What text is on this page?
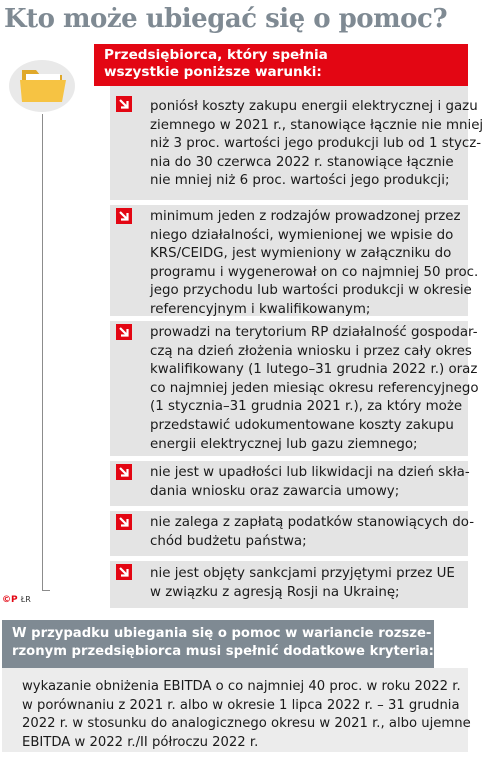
Kto może ubiegać się o pomoc?
Przedsiębiorca, który spełnia
wszystkie poniższe warunki:
poniósł koszty zakupu energii elektrycznej i gazu
ziemnego w 2021 r., stanowiące łącznie nie mniej
niż 3 proc. wartości jego produkcji lub od 1 stycz-
nia do 30 czerwca 2022 r. stanowiące łącznie
nie mniej niż 6 proc. wartości jego produkcji;
minimum jeden z rodzajów prowadzonej przez
niego działalności, wymienionej we wpisie do
KRS/CEIDG, jest wymieniony w załączniku do
programu i wygenerował on co najmniej 50 proc.
jego przychodu lub wartości produkcji w okresie
referencyjnym i kwalifikowanym;
prowadzi na terytorium RP działalność gospodar-
czą na dzień złożenia wniosku i przez cały okres
kwalifikowany (1 lutego–31 grudnia 2022 r.) oraz
co najmniej jeden miesiąc okresu referencyjnego
(1 stycznia–31 grudnia 2021 r.), za który może
przedstawić udokumentowane koszty zakupu
energii elektrycznej lub gazu ziemnego;
nie jest w upadłości lub likwidacji na dzień skła-
dania wniosku oraz zawarcia umowy;
nie zalega z zapłatą podatków stanowiących do-
chód budżetu państwa;
nie jest objęty sankcjami przyjętymi przez UE
w związku z agresją Rosji na Ukrainę;
©P ŁR
W przypadku ubiegania się o pomoc w wariancie rozsze-
rzonym przedsiębiorca musi spełnić dodatkowe kryteria:
wykazanie obniżenia EBITDA o co najmniej 40 proc. w roku 2022 r.
w porównaniu z 2021 r. albo w okresie 1 lipca 2022 r. – 31 grudnia
2022 r. w stosunku do analogicznego okresu w 2021 r., albo ujemne
EBITDA w 2022 r./II półroczu 2022 r.
